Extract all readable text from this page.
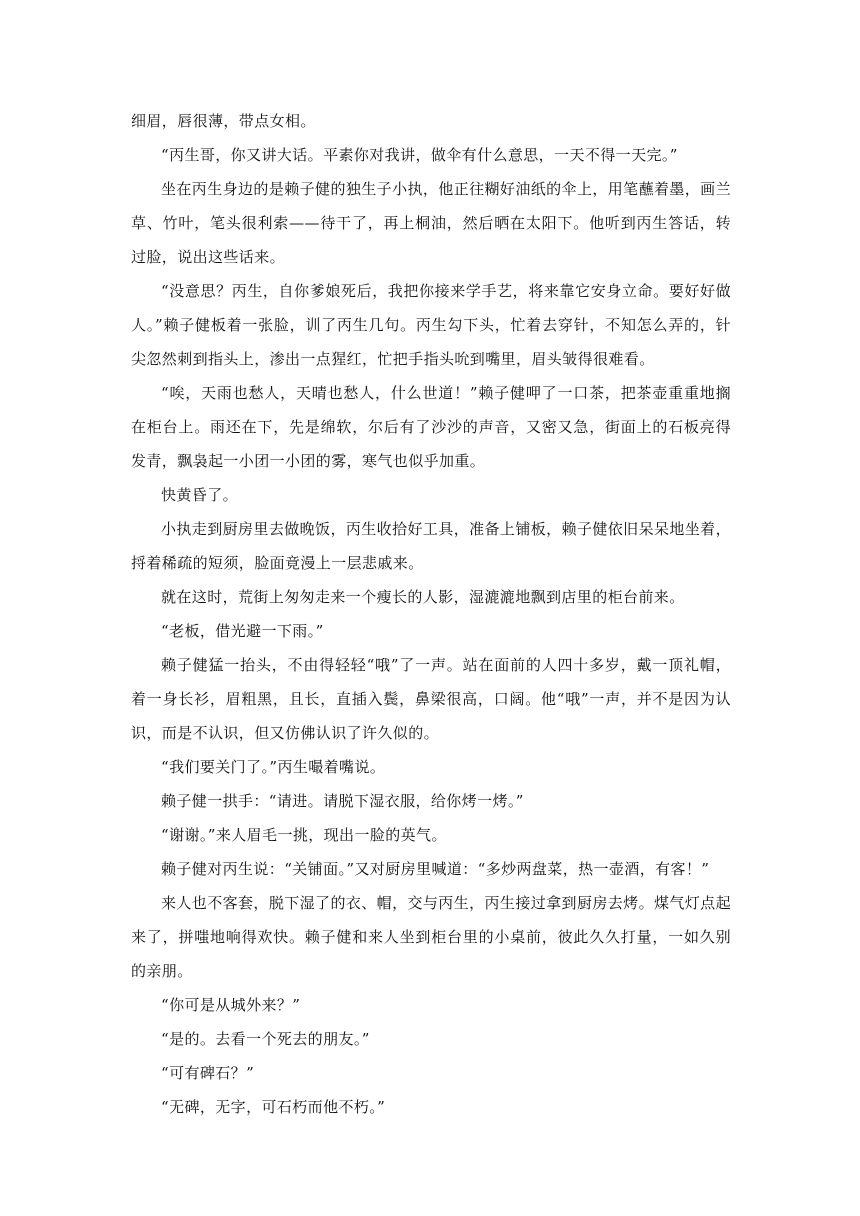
细眉，唇很薄，带点女相。

“丙生哥，你又讲大话。平素你对我讲，做伞有什么意思，一天不得一天完。”

坐在丙生身边的是赖子健的独生子小执，他正往糊好油纸的伞上，用笔蘸着墨，画兰草、竹叶，笔头很利索——待干了，再上桐油，然后晒在太阳下。他听到丙生答话，转过脸，说出这些话来。

“没意思？丙生，自你爹娘死后，我把你接来学手艺，将来靠它安身立命。要好好做人。”赖子健板着一张脸，训了丙生几句。丙生勾下头，忙着去穿针，不知怎么弄的，针尖忽然刺到指头上，渗出一点猩红，忙把手指头吮到嘴里，眉头皱得很难看。

“唉，天雨也愁人，天晴也愁人，什么世道！”赖子健呷了一口茶，把茶壶重重地搁在柜台上。雨还在下，先是绵软，尔后有了沙沙的声音，又密又急，街面上的石板亮得发青，飘袅起一小团一小团的雾，寒气也似乎加重。

快黄昏了。

小执走到厨房里去做晚饭，丙生收拾好工具，准备上铺板，赖子健依旧呆呆地坐着，捋着稀疏的短须，脸面竟漫上一层悲戚来。

就在这时，荒街上匆匆走来一个瘦长的人影，湿漉漉地飘到店里的柜台前来。

“老板，借光避一下雨。”

赖子健猛一抬头，不由得轻轻“哦”了一声。站在面前的人四十多岁，戴一顶礼帽，着一身长衫，眉粗黑，且长，直插入鬓，鼻梁很高，口阔。他“哦”一声，并不是因为认识，而是不认识，但又仿佛认识了许久似的。

“我们要关门了。”丙生嘬着嘴说。

赖子健一拱手：“请进。请脱下湿衣服，给你烤一烤。”

“谢谢。”来人眉毛一挑，现出一脸的英气。

赖子健对丙生说：“关铺面。”又对厨房里喊道：“多炒两盘菜，热一壶酒，有客！”

来人也不客套，脱下湿了的衣、帽，交与丙生，丙生接过拿到厨房去烤。煤气灯点起来了，拼嗤地响得欢快。赖子健和来人坐到柜台里的小桌前，彼此久久打量，一如久别的亲朋。

“你可是从城外来？”

“是的。去看一个死去的朋友。”

“可有碑石？”

“无碑，无字，可石朽而他不朽。”
